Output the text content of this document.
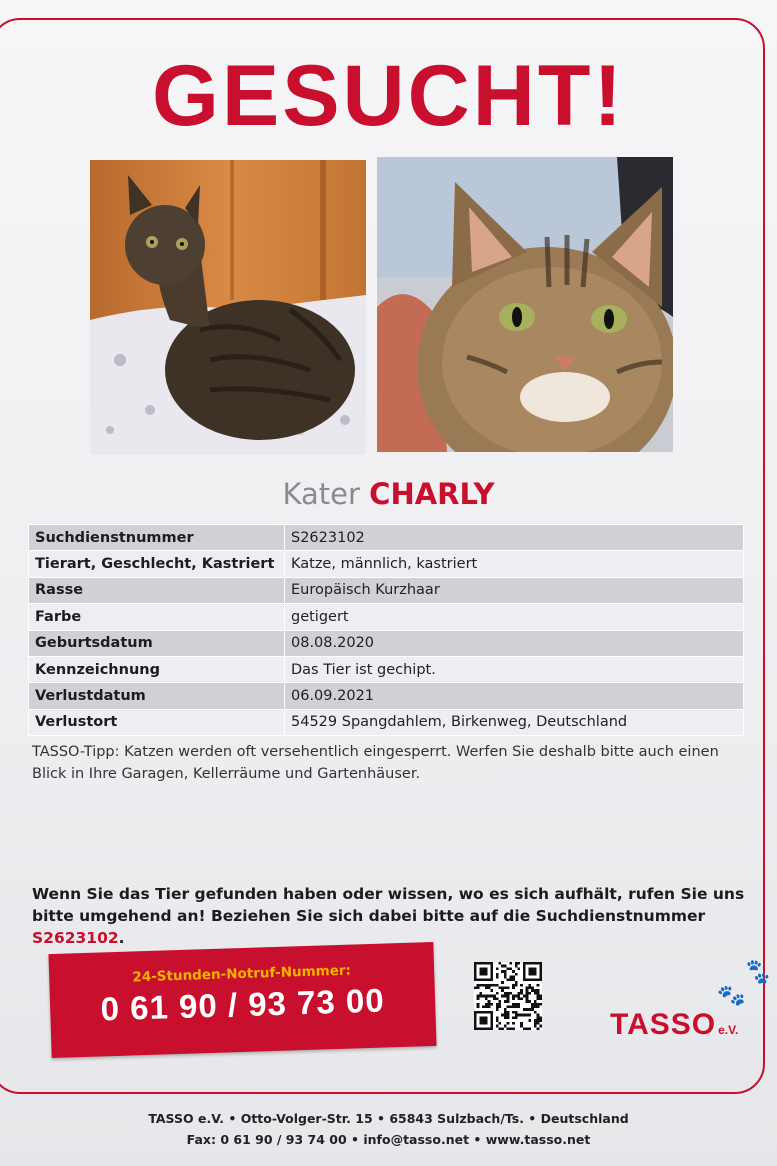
GESUCHT!
Kater CHARLY
Suchdienstnummer	S2623102
Tierart, Geschlecht, Kastriert	Katze, männlich, kastriert
Rasse	Europäisch Kurzhaar
Farbe	getigert
Geburtsdatum	08.08.2020
Kennzeichnung	Das Tier ist gechipt.
Verlustdatum	06.09.2021
Verlustort	54529 Spangdahlem, Birkenweg, Deutschland
TASSO-Tipp: Katzen werden oft versehentlich eingesperrt. Werfen Sie deshalb bitte auch einen Blick in Ihre Garagen, Kellerräume und Gartenhäuser.
Wenn Sie das Tier gefunden haben oder wissen, wo es sich aufhält, rufen Sie uns bitte umgehend an! Beziehen Sie sich dabei bitte auf die Suchdienstnummer S2623102.
24-Stunden-Notruf-Nummer:
0 61 90 / 93 73 00
🐾
🐾
TASSO e.V.
TASSO e.V. • Otto-Volger-Str. 15 • 65843 Sulzbach/Ts. • Deutschland
Fax: 0 61 90 / 93 74 00 • info@tasso.net • www.tasso.net
